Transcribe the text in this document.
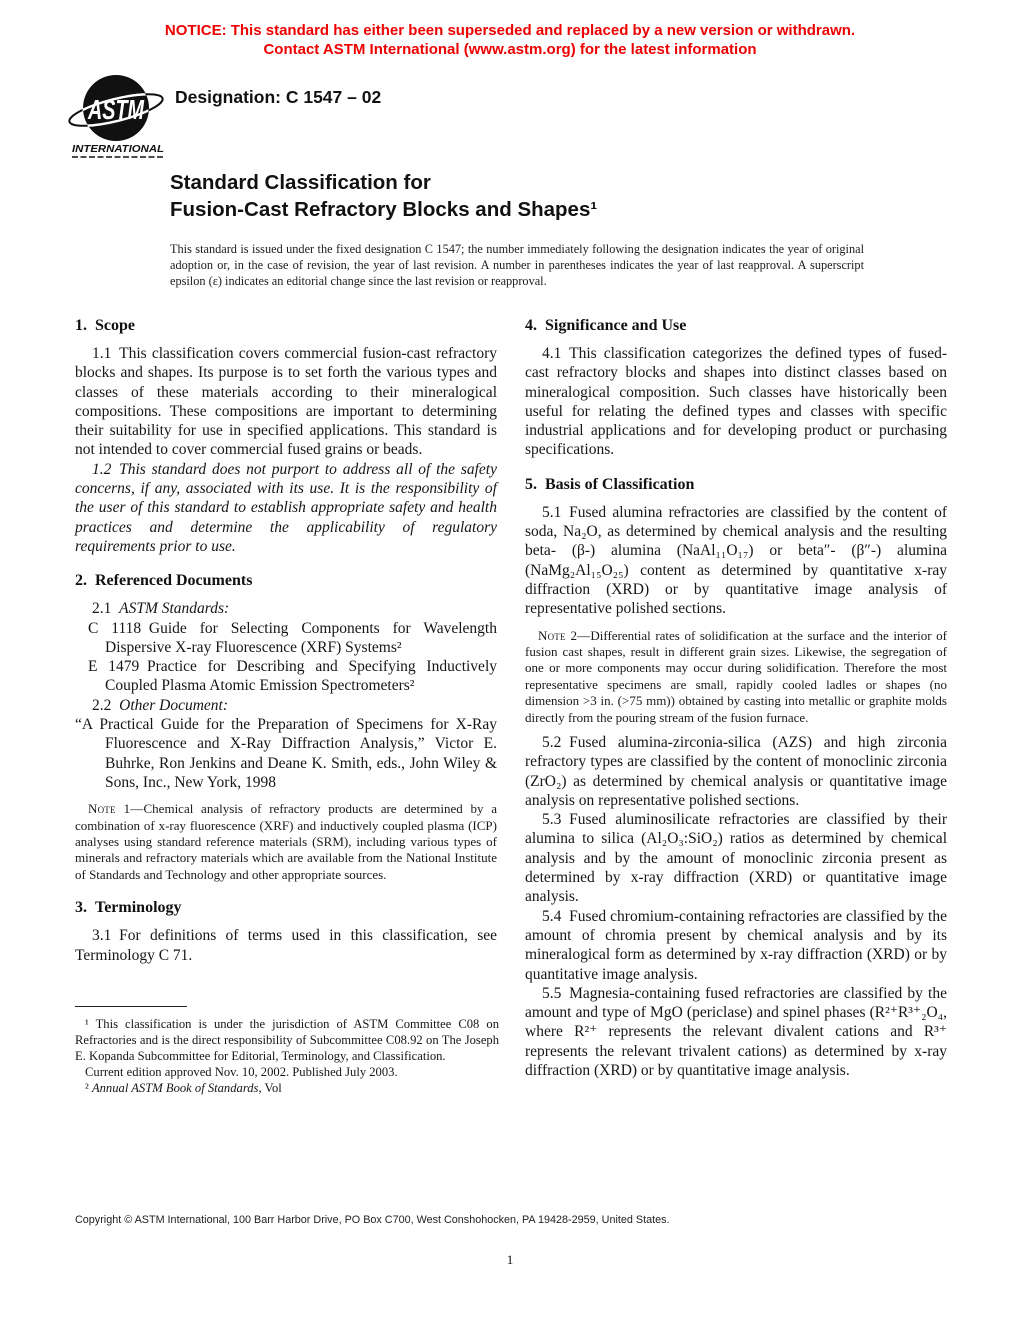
NOTICE: This standard has either been superseded and replaced by a new version or withdrawn.
Contact ASTM International (www.astm.org) for the latest information
ASTM
INTERNATIONAL
Designation: C 1547 – 02
Standard Classification for
Fusion-Cast Refractory Blocks and Shapes¹
This standard is issued under the fixed designation C 1547; the number immediately following the designation indicates the year of original adoption or, in the case of revision, the year of last revision. A number in parentheses indicates the year of last reapproval. A superscript epsilon (ε) indicates an editorial change since the last revision or reapproval.
1. Scope

1.1 This classification covers commercial fusion-cast refractory blocks and shapes. Its purpose is to set forth the various types and classes of these materials according to their mineralogical compositions. These compositions are important to determining their suitability for use in specified applications. This standard is not intended to cover commercial fused grains or beads.

1.2 This standard does not purport to address all of the safety concerns, if any, associated with its use. It is the responsibility of the user of this standard to establish appropriate safety and health practices and determine the applicability of regulatory requirements prior to use.

2. Referenced Documents

2.1 ASTM Standards:

C 1118 Guide for Selecting Components for Wavelength Dispersive X-ray Fluorescence (XRF) Systems²

E 1479 Practice for Describing and Specifying Inductively Coupled Plasma Atomic Emission Spectrometers²

2.2 Other Document:

“A Practical Guide for the Preparation of Specimens for X-Ray Fluorescence and X-Ray Diffraction Analysis,” Victor E. Buhrke, Ron Jenkins and Deane K. Smith, eds., John Wiley & Sons, Inc., New York, 1998

Note 1—Chemical analysis of refractory products are determined by a combination of x-ray fluorescence (XRF) and inductively coupled plasma (ICP) analyses using standard reference materials (SRM), including various types of minerals and refractory materials which are available from the National Institute of Standards and Technology and other appropriate sources.

3. Terminology

3.1 For definitions of terms used in this classification, see Terminology C 71.

4. Significance and Use

4.1 This classification categorizes the defined types of fused-cast refractory blocks and shapes into distinct classes based on mineralogical composition. Such classes have historically been useful for relating the defined types and classes with specific industrial applications and for developing product or purchasing specifications.

5. Basis of Classification

5.1 Fused alumina refractories are classified by the content of soda, Na₂O, as determined by chemical analysis and the resulting beta- (β-) alumina (NaAl₁₁O₁₇) or beta″- (β″-) alumina (NaMg₂Al₁₅O₂₅) content as determined by quantitative x-ray diffraction (XRD) or by quantitative image analysis of representative polished sections.

Note 2—Differential rates of solidification at the surface and the interior of fusion cast shapes, result in different grain sizes. Likewise, the segregation of one or more components may occur during solidification. Therefore the most representative specimens are small, rapidly cooled ladles or shapes (no dimension >3 in. (>75 mm)) obtained by casting into metallic or graphite molds directly from the pouring stream of the fusion furnace.

5.2 Fused alumina-zirconia-silica (AZS) and high zirconia refractory types are classified by the content of monoclinic zirconia (ZrO₂) as determined by chemical analysis or quantitative image analysis on representative polished sections.

5.3 Fused aluminosilicate refractories are classified by their alumina to silica (Al₂O₃:SiO₂) ratios as determined by chemical analysis and by the amount of monoclinic zirconia present as determined by x-ray diffraction (XRD) or quantitative image analysis.

5.4 Fused chromium-containing refractories are classified by the amount of chromia present by chemical analysis and by its mineralogical form as determined by x-ray diffraction (XRD) or by quantitative image analysis.

5.5 Magnesia-containing fused refractories are classified by the amount and type of MgO (periclase) and spinel phases (R²⁺R³⁺₂O₄, where R²⁺ represents the relevant divalent cations and R³⁺ represents the relevant trivalent cations) as determined by x-ray diffraction (XRD) or by quantitative image analysis.

¹ This classification is under the jurisdiction of ASTM Committee C08 on Refractories and is the direct responsibility of Subcommittee C08.92 on The Joseph E. Kopanda Subcommittee for Editorial, Terminology, and Classification.

Current edition approved Nov. 10, 2002. Published July 2003.

² Annual ASTM Book of Standards, Vol

Copyright © ASTM International, 100 Barr Harbor Drive, PO Box C700, West Conshohocken, PA 19428-2959, United States.
1
